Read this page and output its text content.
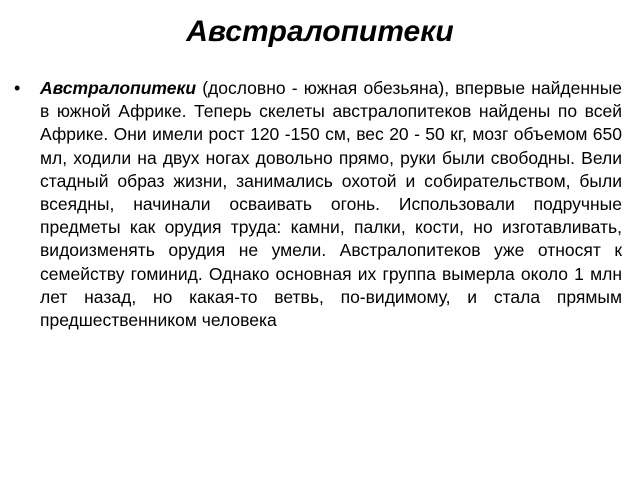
Австралопитеки
•	Австралопитеки (дословно - южная обезьяна), впервые найденные в южной Африке. Теперь скелеты австралопитеков найдены по всей Африке. Они имели рост 120 -150 см, вес 20 - 50 кг, мозг объемом 650 мл, ходили на двух ногах довольно прямо, руки были свободны. Вели стадный образ жизни, занимались охотой и собирательством, были всеядны, начинали осваивать огонь. Использовали подручные предметы как орудия труда: камни, палки, кости, но изготавливать, видоизменять орудия не умели. Австралопитеков уже относят к семейству гоминид. Однако основная их группа вымерла около 1 млн лет назад, но какая-то ветвь, по-видимому, и стала прямым предшественником человека
